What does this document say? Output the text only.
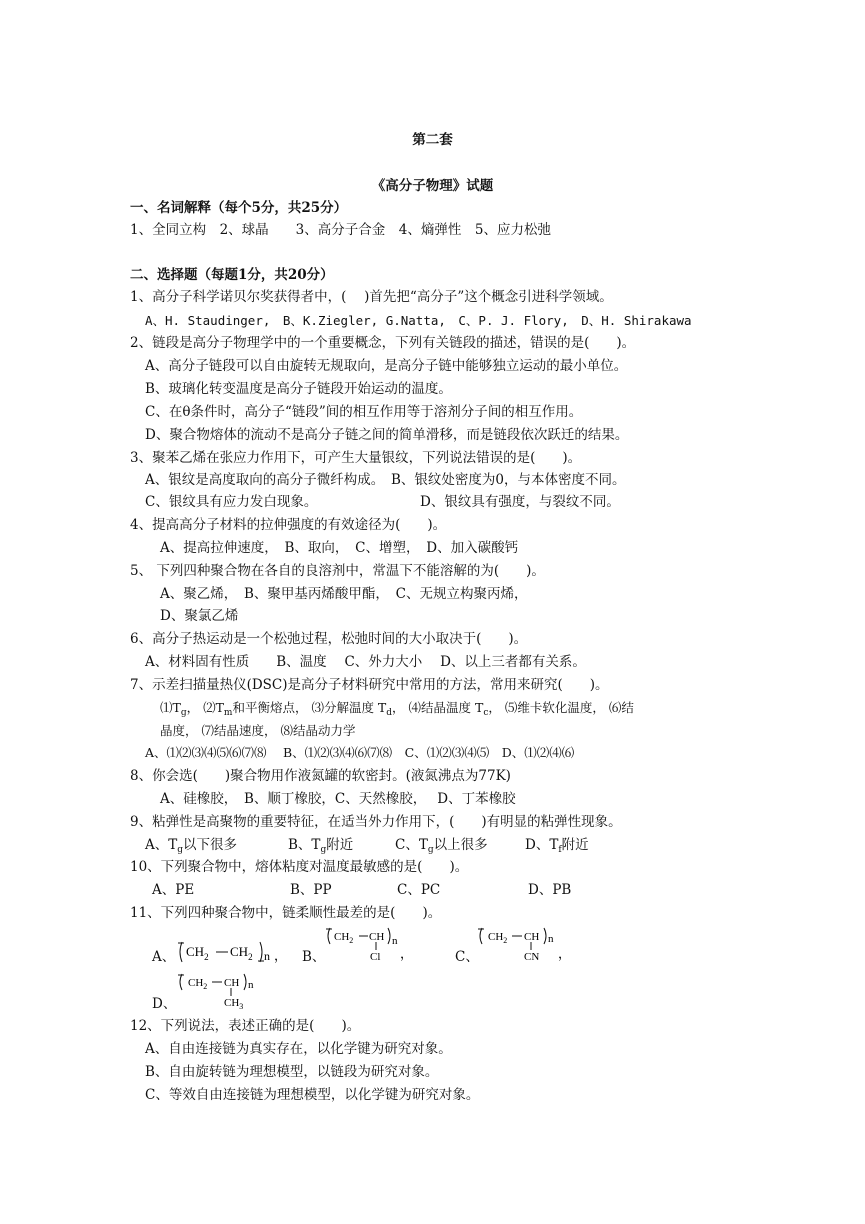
第二套
《高分子物理》试题
一、名词解释（每个5分，共25分）
1、全同立构　2、球晶　　3、高分子合金　4、熵弹性　5、应力松弛
二、选择题（每题1分，共20分）
1、高分子科学诺贝尔奖获得者中，(　 )首先把“高分子”这个概念引进科学领域。
A、H. Staudinger,　B、K.Ziegler, G.Natta,　C、P. J. Flory,　D、H. Shirakawa
2、链段是高分子物理学中的一个重要概念，下列有关链段的描述，错误的是(　　)。
A、高分子链段可以自由旋转无规取向，是高分子链中能够独立运动的最小单位。
B、玻璃化转变温度是高分子链段开始运动的温度。
C、在θ条件时，高分子“链段”间的相互作用等于溶剂分子间的相互作用。
D、聚合物熔体的流动不是高分子链之间的简单滑移，而是链段依次跃迁的结果。
3、聚苯乙烯在张应力作用下，可产生大量银纹，下列说法错误的是(　　)。
A、银纹是高度取向的高分子微纤构成。　B、银纹处密度为0，与本体密度不同。
C、银纹具有应力发白现象。	D、银纹具有强度，与裂纹不同。
4、提高高分子材料的拉伸强度的有效途径为(　　)。
A、提高拉伸速度，　B、取向，　C、增塑，　D、加入碳酸钙
5、 下列四种聚合物在各自的良溶剂中，常温下不能溶解的为(　　)。
A、聚乙烯，　B、聚甲基丙烯酸甲酯，　C、无规立构聚丙烯，
D、聚氯乙烯
6、高分子热运动是一个松弛过程，松弛时间的大小取决于(　　)。
A、材料固有性质　　B、温度　 C、外力大小　 D、以上三者都有关系。
7、示差扫描量热仪(DSC)是高分子材料研究中常用的方法，常用来研究(　　)。
$⑴T_g$， $⑵T_m$和平衡熔点， ⑶分解温度 $T_d$， ⑷结晶温度 $T_c$， ⑸维卡软化温度， ⑹结
晶度， ⑺结晶速度， ⑻结晶动力学
A、⑴⑵⑶⑷⑸⑹⑺⑻　 B、⑴⑵⑶⑷⑹⑺⑻　C、⑴⑵⑶⑷⑸　D、⑴⑵⑷⑹
8、你会选(　　)聚合物用作液氮罐的软密封。(液氮沸点为77K)
A、硅橡胶，　B、顺丁橡胶，C、天然橡胶，　 D、丁苯橡胶
9、粘弹性是高聚物的重要特征，在适当外力作用下，(　　)有明显的粘弹性现象。
A、$T_g$以下很多	B、$T_g$附近	C、$T_g$以上很多	D、$T_f$附近
10、下列聚合物中，熔体粘度对温度最敏感的是(　　)。
A、PE	B、PP	C、PC	D、PB
11、下列四种聚合物中，链柔顺性最差的是(　　)。
A、 $CH_2$ $CH_2$ n ， B、
$CH_2$ CH
Cl
n
，	C、
$CH_2$ CH
CN
n
，
$CH_2$ CH
$CH_3$
n
D、
12、下列说法，表述正确的是(　　)。
A、自由连接链为真实存在，以化学键为研究对象。
B、自由旋转链为理想模型，以链段为研究对象。
C、等效自由连接链为理想模型，以化学键为研究对象。
